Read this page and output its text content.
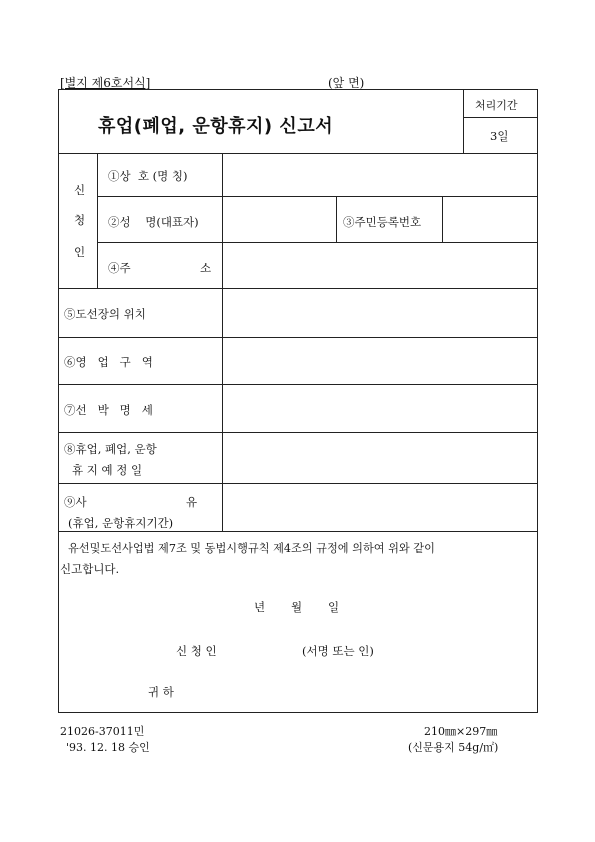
[별지 제6호서식]	(앞 면)
휴업(폐업, 운항휴지) 신고서
처리기간
3일
신
청
인
①상  호 (명 칭)
②성    명(대표자)	③주민등록번호
④주	소
⑤도선장의 위치
⑥영   업   구   역
⑦선   박   명   세
⑧휴업, 폐업, 운항
휴 지 예 정 일
⑨사	유
(휴업, 운항휴지기간)
유선및도선사업법 제7조 및 동법시행규칙 제4조의 규정에 의하여 위와 같이
신고합니다.
년 월 일
신 청 인	(서명 또는 인)
귀 하
21026-37011민
'93. 12. 18 승인
210㎜×297㎜
(신문용지 54g/㎡)
